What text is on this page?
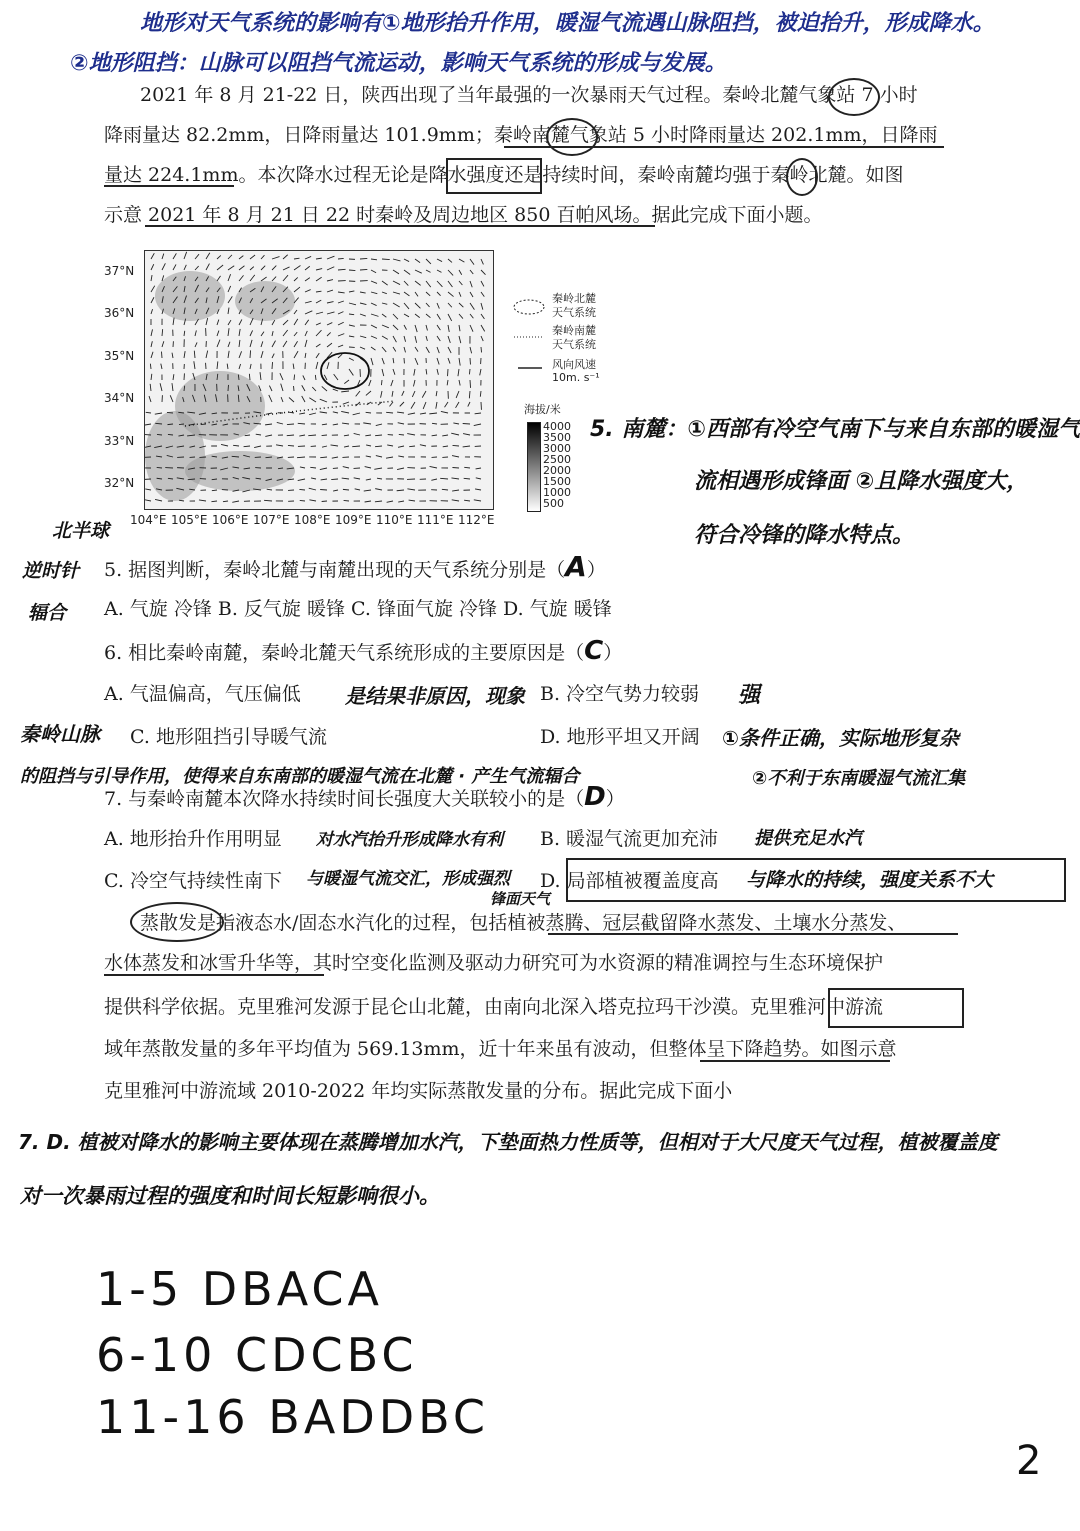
地形对天气系统的影响有①地形抬升作用，暖湿气流遇山脉阻挡，被迫抬升，形成降水。
②地形阻挡：山脉可以阻挡气流运动，影响天气系统的形成与发展。
2021 年 8 月 21-22 日，陕西出现了当年最强的一次暴雨天气过程。秦岭北麓气象站 7 小时
降雨量达 82.2mm，日降雨量达 101.9mm；秦岭南麓气象站 5 小时降雨量达 202.1mm，日降雨
量达 224.1mm。本次降水过程无论是降水强度还是持续时间，秦岭南麓均强于秦岭北麓。如图
示意 2021 年 8 月 21 日 22 时秦岭及周边地区 850 百帕风场。据此完成下面小题。
37°N
36°N
35°N
34°N
33°N
32°N
104°E 105°E 106°E 107°E 108°E 109°E 110°E 111°E 112°E
秦岭北麓
天气系统
秦岭南麓
天气系统
风向风速
10m. s⁻¹
海拔/米
4000
3500
3000
2500
2000
1500
1000
500
5. 南麓：①西部有冷空气南下与来自东部的暖湿气
流相遇形成锋面 ②且降水强度大，
符合冷锋的降水特点。
北半球
逆时针
辐合
5. 据图判断，秦岭北麓与南麓出现的天气系统分别是（A）
A. 气旋 冷锋 B. 反气旋 暖锋 C. 锋面气旋 冷锋 D. 气旋 暖锋
6. 相比秦岭南麓，秦岭北麓天气系统形成的主要原因是（C）
A. 气温偏高，气压偏低 是结果非原因，现象 B. 冷空气势力较弱 强
秦岭山脉 C. 地形阻挡引导暖气流	D. 地形平坦又开阔 ①条件正确，实际地形复杂
的阻挡与引导作用，使得来自东南部的暖湿气流在北麓 · 产生气流辐合	②不利于东南暖湿气流汇集
7. 与秦岭南麓本次降水持续时间长强度大关联较小的是（D）
A. 地形抬升作用明显 对水汽抬升形成降水有利 B. 暖湿气流更加充沛 提供充足水汽
C. 冷空气持续性南下 与暖湿气流交汇，形成强烈
锋面天气
D. 局部植被覆盖度高 与降水的持续，强度关系不大
蒸散发是指液态水/固态水汽化的过程，包括植被蒸腾、冠层截留降水蒸发、土壤水分蒸发、
水体蒸发和冰雪升华等，其时空变化监测及驱动力研究可为水资源的精准调控与生态环境保护
提供科学依据。克里雅河发源于昆仑山北麓，由南向北深入塔克拉玛干沙漠。克里雅河中游流
域年蒸散发量的多年平均值为 569.13mm，近十年来虽有波动，但整体呈下降趋势。如图示意
克里雅河中游流域 2010-2022 年均实际蒸散发量的分布。据此完成下面小
7. D. 植被对降水的影响主要体现在蒸腾增加水汽，下垫面热力性质等，但相对于大尺度天气过程，植被覆盖度
对一次暴雨过程的强度和时间长短影响很小。
1-5 DBACA
6-10 CDCBC
11-16 BADDBC
2
